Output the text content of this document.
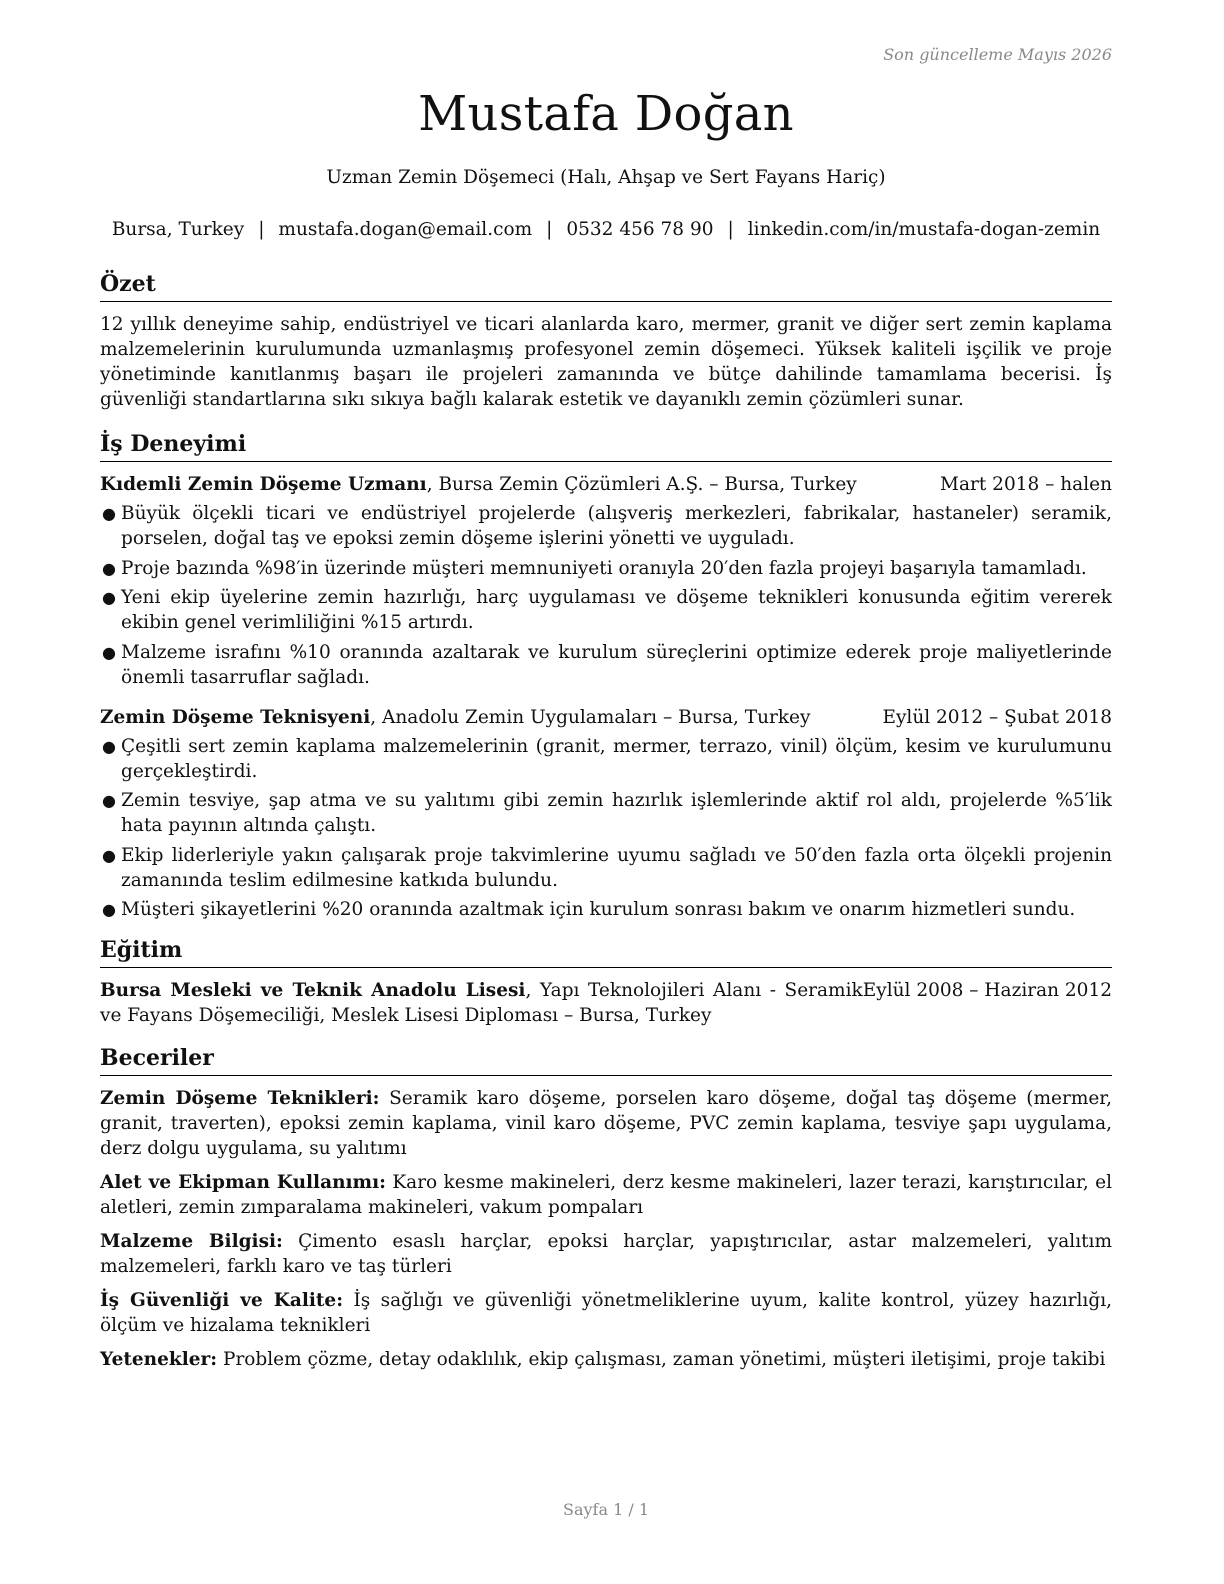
Son güncelleme Mayıs 2026
Mustafa Doğan
Uzman Zemin Döşemeci (Halı, Ahşap ve Sert Fayans Hariç)
Bursa, Turkey | mustafa.dogan@email.com | 0532 456 78 90 | linkedin.com/in/mustafa-dogan-zemin
Özet

12 yıllık deneyime sahip, endüstriyel ve ticari alanlarda karo, mermer, granit ve diğer sert zemin kaplama malzemelerinin kurulumunda uzmanlaşmış profesyonel zemin döşemeci. Yüksek kaliteli işçilik ve proje yönetiminde kanıtlanmış başarı ile projeleri zamanında ve bütçe dahilinde tamamlama becerisi. İş güvenliği standartlarına sıkı sıkıya bağlı kalarak estetik ve dayanıklı zemin çözümleri sunar.

İş Deneyimi
Kıdemli Zemin Döşeme Uzmanı, Bursa Zemin Çözümleri A.Ş. – Bursa, Turkey	Mart 2018 – halen
● Büyük ölçekli ticari ve endüstriyel projelerde (alışveriş merkezleri, fabrikalar, hastaneler) seramik, porselen, doğal taş ve epoksi zemin döşeme işlerini yönetti ve uyguladı.
● Proje bazında %98′in üzerinde müşteri memnuniyeti oranıyla 20′den fazla projeyi başarıyla tamamladı.
● Yeni ekip üyelerine zemin hazırlığı, harç uygulaması ve döşeme teknikleri konusunda eğitim vererek ekibin genel verimliliğini %15 artırdı.
● Malzeme israfını %10 oranında azaltarak ve kurulum süreçlerini optimize ederek proje maliyetlerinde önemli tasarruflar sağladı.
Zemin Döşeme Teknisyeni, Anadolu Zemin Uygulamaları – Bursa, Turkey	Eylül 2012 – Şubat 2018
● Çeşitli sert zemin kaplama malzemelerinin (granit, mermer, terrazo, vinil) ölçüm, kesim ve kurulumunu gerçekleştirdi.
● Zemin tesviye, şap atma ve su yalıtımı gibi zemin hazırlık işlemlerinde aktif rol aldı, projelerde %5′lik hata payının altında çalıştı.
● Ekip liderleriyle yakın çalışarak proje takvimlerine uyumu sağladı ve 50′den fazla orta ölçekli projenin zamanında teslim edilmesine katkıda bulundu.
● Müşteri şikayetlerini %20 oranında azaltmak için kurulum sonrası bakım ve onarım hizmetleri sundu.
Eğitim
Bursa Mesleki ve Teknik Anadolu Lisesi, Yapı Teknolojileri Alanı - Seramik ve Fayans Döşemeciliği, Meslek Lisesi Diploması – Bursa, Turkey
Eylül 2008 – Haziran 2012
Beceriler
Zemin Döşeme Teknikleri: Seramik karo döşeme, porselen karo döşeme, doğal taş döşeme (mermer, granit, traverten), epoksi zemin kaplama, vinil karo döşeme, PVC zemin kaplama, tesviye şapı uygulama, derz dolgu uygulama, su yalıtımı
Alet ve Ekipman Kullanımı: Karo kesme makineleri, derz kesme makineleri, lazer terazi, karıştırıcılar, el aletleri, zemin zımparalama makineleri, vakum pompaları
Malzeme Bilgisi: Çimento esaslı harçlar, epoksi harçlar, yapıştırıcılar, astar malzemeleri, yalıtım malzemeleri, farklı karo ve taş türleri
İş Güvenliği ve Kalite: İş sağlığı ve güvenliği yönetmeliklerine uyum, kalite kontrol, yüzey hazırlığı, ölçüm ve hizalama teknikleri
Yetenekler: Problem çözme, detay odaklılık, ekip çalışması, zaman yönetimi, müşteri iletişimi, proje takibi
Sayfa 1 / 1
